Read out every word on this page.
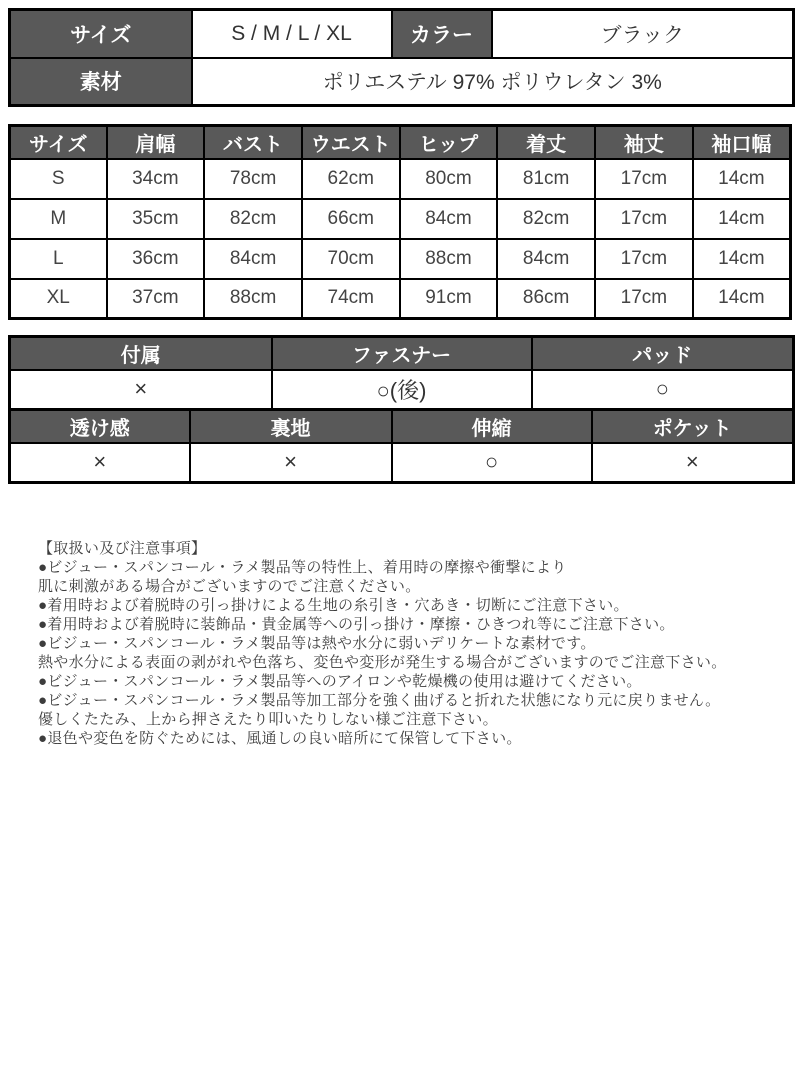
サイズ	S / M / L / XL	カラー	ブラック
素材	ポリエステル 97% ポリウレタン 3%		
サイズ	肩幅	バスト	ウエスト	ヒップ	着丈	袖丈	袖口幅
S	34cm	78cm	62cm	80cm	81cm	17cm	14cm
M	35cm	82cm	66cm	84cm	82cm	17cm	14cm
L	36cm	84cm	70cm	88cm	84cm	17cm	14cm
XL	37cm	88cm	74cm	91cm	86cm	17cm	14cm
付属	ファスナー	パッド
×	○(後)	○
透け感	裏地	伸縮	ポケット
×	×	○	×
【取扱い及び注意事項】
●ビジュー・スパンコール・ラメ製品等の特性上、着用時の摩擦や衝撃により
肌に刺激がある場合がございますのでご注意ください。
●着用時および着脱時の引っ掛けによる生地の糸引き・穴あき・切断にご注意下さい。
●着用時および着脱時に装飾品・貴金属等への引っ掛け・摩擦・ひきつれ等にご注意下さい。
●ビジュー・スパンコール・ラメ製品等は熱や水分に弱いデリケートな素材です。
熱や水分による表面の剥がれや色落ち、変色や変形が発生する場合がございますのでご注意下さい。
●ビジュー・スパンコール・ラメ製品等へのアイロンや乾燥機の使用は避けてください。
●ビジュー・スパンコール・ラメ製品等加工部分を強く曲げると折れた状態になり元に戻りません。
優しくたたみ、上から押さえたり叩いたりしない様ご注意下さい。
●退色や変色を防ぐためには、風通しの良い暗所にて保管して下さい。
